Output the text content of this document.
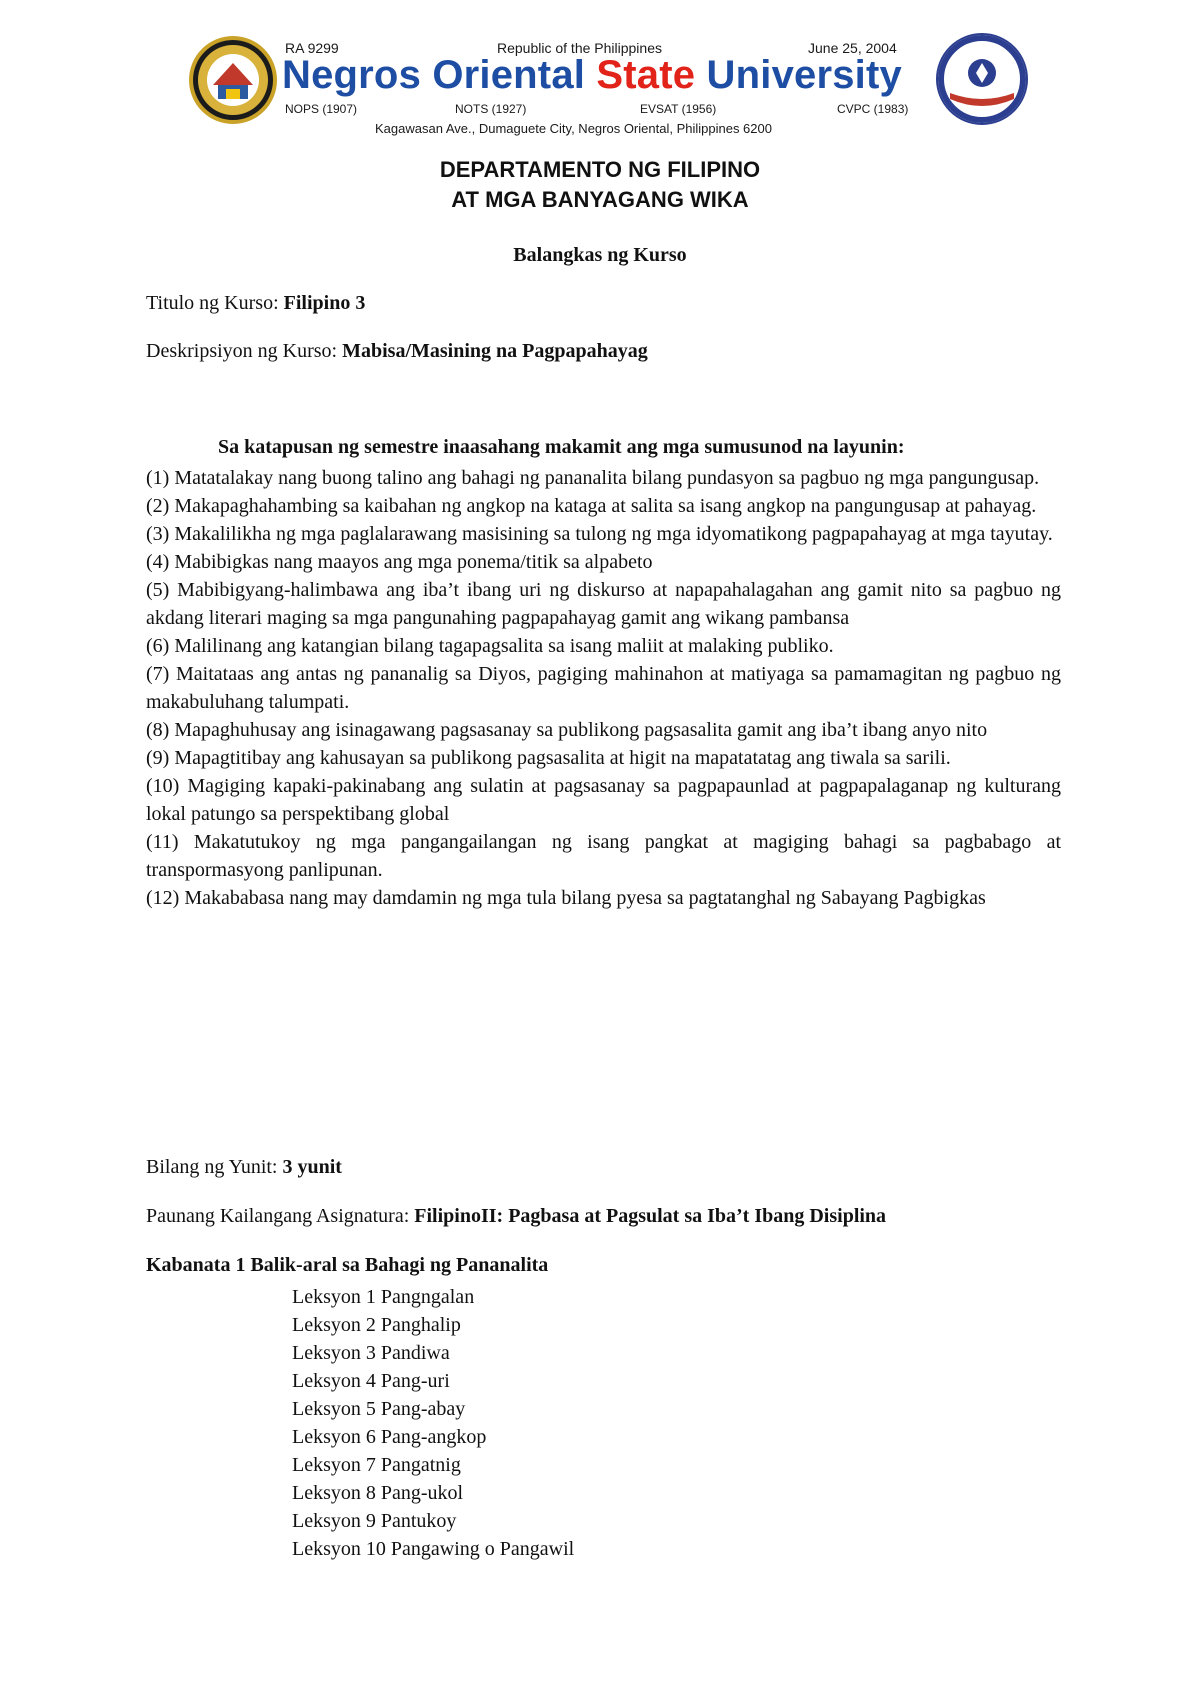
RA 9299	Republic of the Philippines	June 25, 2004
Negros Oriental State University
NOPS (1907)	NOTS (1927)	EVSAT (1956)	CVPC (1983)
Kagawasan Ave., Dumaguete City, Negros Oriental, Philippines 6200
DEPARTAMENTO NG FILIPINO
AT MGA BANYAGANG WIKA
Balangkas ng Kurso
Titulo ng Kurso: Filipino 3
Deskripsiyon ng Kurso: Mabisa/Masining na Pagpapahayag
Sa katapusan ng semestre inaasahang makamit ang mga sumusunod na layunin:

(1) Matatalakay nang buong talino ang bahagi ng pananalita bilang pundasyon sa pagbuo ng mga pangungusap.

(2) Makapaghahambing sa kaibahan ng angkop na kataga at salita sa isang angkop na pangungusap at pahayag.

(3) Makalilikha ng mga paglalarawang masisining sa tulong ng mga idyomatikong pagpapahayag at mga tayutay.

(4) Mabibigkas nang maayos ang mga ponema/titik sa alpabeto

(5) Mabibigyang-halimbawa ang iba’t ibang uri ng diskurso at napapahalagahan ang gamit nito sa pagbuo ng akdang literari maging sa mga pangunahing pagpapahayag gamit ang wikang pambansa

(6) Malilinang ang katangian bilang tagapagsalita sa isang maliit at malaking publiko.

(7) Maitataas ang antas ng pananalig sa Diyos, pagiging mahinahon at matiyaga sa pamamagitan ng pagbuo ng makabuluhang talumpati.

(8) Mapaghuhusay ang isinagawang pagsasanay sa publikong pagsasalita gamit ang iba’t ibang anyo nito

(9) Mapagtitibay ang kahusayan sa publikong pagsasalita at higit na mapatatatag ang tiwala sa sarili.

(10) Magiging kapaki-pakinabang ang sulatin at pagsasanay sa pagpapaunlad at pagpapalaganap ng kulturang lokal patungo sa perspektibang global

(11) Makatutukoy ng mga pangangailangan ng isang pangkat at magiging bahagi sa pagbabago at transpormasyong panlipunan.

(12) Makababasa nang may damdamin ng mga tula bilang pyesa sa pagtatanghal ng Sabayang Pagbigkas

Bilang ng Yunit: 3 yunit
Paunang Kailangang Asignatura: FilipinoII: Pagbasa at Pagsulat sa Iba’t Ibang Disiplina
Kabanata 1 Balik-aral sa Bahagi ng Pananalita
Leksyon 1 Pangngalan
Leksyon 2 Panghalip
Leksyon 3 Pandiwa
Leksyon 4 Pang-uri
Leksyon 5 Pang-abay
Leksyon 6 Pang-angkop
Leksyon 7 Pangatnig
Leksyon 8 Pang-ukol
Leksyon 9 Pantukoy
Leksyon 10 Pangawing o Pangawil
